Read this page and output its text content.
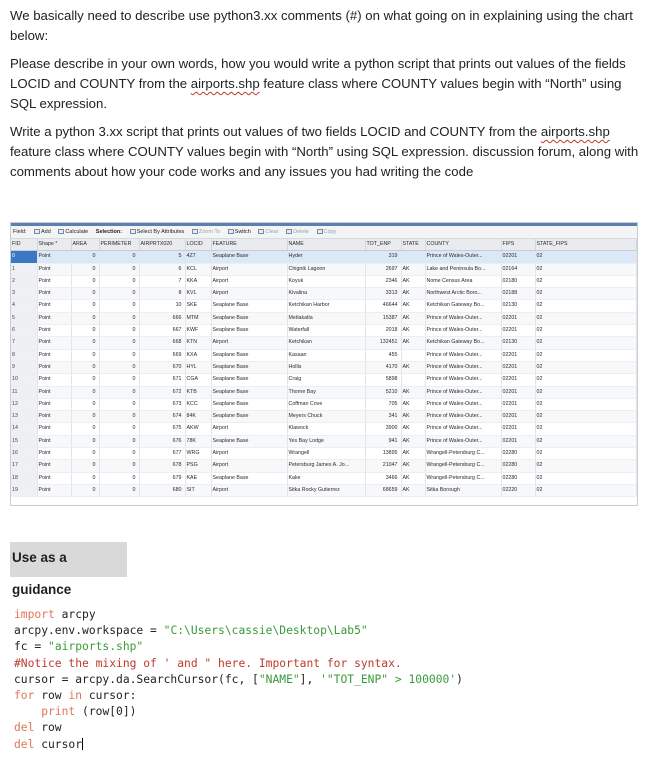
We basically need to describe use python3.xx comments (#) on what going on in explaining using the chart below:
Please describe in your own words, how you would write a python script that prints out values of the fields LOCID and COUNTY from the airports.shp feature class where COUNTY values begin with “North” using SQL expression.
Write a python 3.xx script that prints out values of two fields LOCID and COUNTY from the airports.shp feature class where COUNTY values begin with “North” using SQL expression. discussion forum, along with comments about how your code works and any issues you had writing the code
Field:	Add	Calculate Selection:	Select By Attributes	Zoom To	Switch	Clear	Delete	Copy
FID	Shape *	AREA	PERIMETER	AIRPRTX020	LOCID	FEATURE	NAME	TOT_ENP	STATE	COUNTY	FIPS	STATE_FIPS
0	Point	0	0	5	4Z7	Seaplane Base	Hyder	319		Prince of Wales-Outer...	02201	02
1	Point	0	0	6	KCL	Airport	Chignik Lagoon	2697	AK	Lake and Peninsula Bo...	02164	02
2	Point	0	0	7	KKA	Airport	Koyuk	2346	AK	Nome Census Area	02180	02
3	Point	0	0	8	KVL	Airport	Kivalina	3313	AK	Northwest Arctic Boro...	02188	02
4	Point	0	0	10	SKE	Seaplane Base	Ketchikan Harbor	46644	AK	Ketchikan Gateway Bo...	02130	02
5	Point	0	0	666	MTM	Seaplane Base	Metlakatla	15387	AK	Prince of Wales-Outer...	02201	02
6	Point	0	0	667	KWF	Seaplane Base	Waterfall	2018	AK	Prince of Wales-Outer...	02201	02
7	Point	0	0	668	KTN	Airport	Ketchikan	132451	AK	Ketchikan Gateway Bo...	02130	02
8	Point	0	0	669	KXA	Seaplane Base	Kasaan	455		Prince of Wales-Outer...	02201	02
9	Point	0	0	670	HYL	Seaplane Base	Hollis	4170	AK	Prince of Wales-Outer...	02201	02
10	Point	0	0	671	CGA	Seaplane Base	Craig	5898		Prince of Wales-Outer...	02201	02
11	Point	0	0	672	KTB	Seaplane Base	Thorne Bay	5210	AK	Prince of Wales-Outer...	02201	02
12	Point	0	0	673	KCC	Seaplane Base	Coffman Cove	705	AK	Prince of Wales-Outer...	02201	02
13	Point	0	0	674	84K	Seaplane Base	Meyers Chuck	341	AK	Prince of Wales-Outer...	02201	02
14	Point	0	0	675	AKW	Airport	Klawock	3900	AK	Prince of Wales-Outer...	02201	02
15	Point	0	0	676	78K	Seaplane Base	Yes Bay Lodge	941	AK	Prince of Wales-Outer...	02201	02
16	Point	0	0	677	WRG	Airport	Wrangell	13895	AK	Wrangell-Petersburg C...	02280	02
17	Point	0	0	678	PSG	Airport	Petersburg James A. Jo...	21047	AK	Wrangell-Petersburg C...	02280	02
18	Point	0	0	679	KAE	Seaplane Base	Kake	3466	AK	Wrangell-Petersburg C...	02280	02
19	Point	0	0	680	SIT	Airport	Sitka Rocky Gutierrez	68659	AK	Sitka Borough	02220	02
Use as a guidance
import arcpy
arcpy.env.workspace = "C:\Users\cassie\Desktop\Lab5"
fc = "airports.shp"
#Notice the mixing of ' and " here. Important for syntax.
cursor = arcpy.da.SearchCursor(fc, ["NAME"], '"TOT_ENP" > 100000')
for row in cursor:
print (row[0])
del row
del cursor
